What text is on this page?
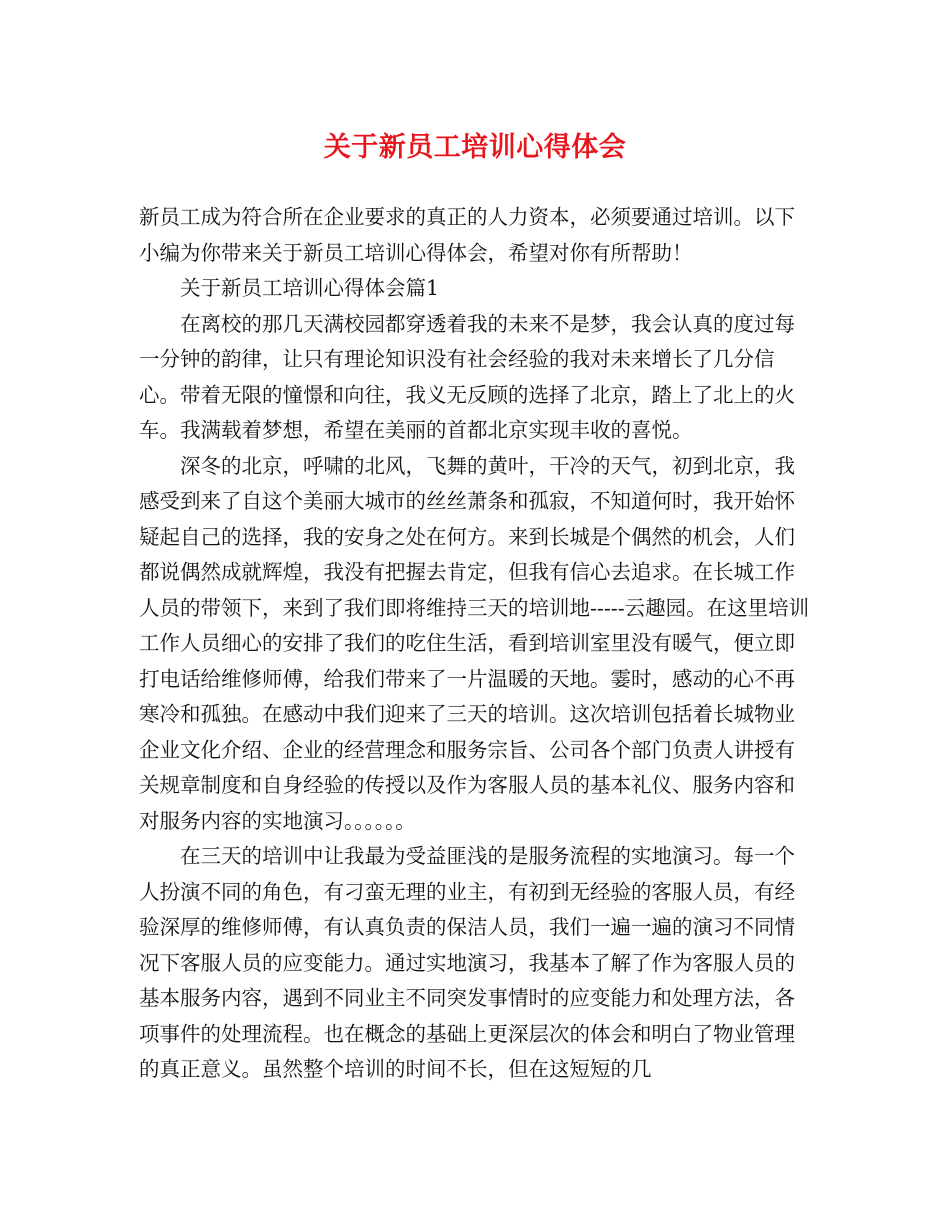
关于新员工培训心得体会

新员工成为符合所在企业要求的真正的人力资本，必须要通过培训。以下小编为你带来关于新员工培训心得体会，希望对你有所帮助！

关于新员工培训心得体会篇1

在离校的那几天满校园都穿透着我的未来不是梦，我会认真的度过每一分钟的韵律，让只有理论知识没有社会经验的我对未来增长了几分信心。带着无限的憧憬和向往，我义无反顾的选择了北京，踏上了北上的火车。我满载着梦想，希望在美丽的首都北京实现丰收的喜悦。

深冬的北京，呼啸的北风，飞舞的黄叶，干冷的天气，初到北京，我感受到来了自这个美丽大城市的丝丝萧条和孤寂，不知道何时，我开始怀疑起自己的选择，我的安身之处在何方。来到长城是个偶然的机会，人们都说偶然成就辉煌，我没有把握去肯定，但我有信心去追求。在长城工作人员的带领下，来到了我们即将维持三天的培训地-----云趣园。在这里培训工作人员细心的安排了我们的吃住生活，看到培训室里没有暖气，便立即打电话给维修师傅，给我们带来了一片温暖的天地。霎时，感动的心不再寒冷和孤独。在感动中我们迎来了三天的培训。这次培训包括着长城物业企业文化介绍、企业的经营理念和服务宗旨、公司各个部门负责人讲授有关规章制度和自身经验的传授以及作为客服人员的基本礼仪、服务内容和对服务内容的实地演习。。。。。。

在三天的培训中让我最为受益匪浅的是服务流程的实地演习。每一个人扮演不同的角色，有刁蛮无理的业主，有初到无经验的客服人员，有经验深厚的维修师傅，有认真负责的保洁人员，我们一遍一遍的演习不同情况下客服人员的应变能力。通过实地演习，我基本了解了作为客服人员的基本服务内容，遇到不同业主不同突发事情时的应变能力和处理方法，各项事件的处理流程。也在概念的基础上更深层次的体会和明白了物业管理的真正意义。虽然整个培训的时间不长，但在这短短的几
